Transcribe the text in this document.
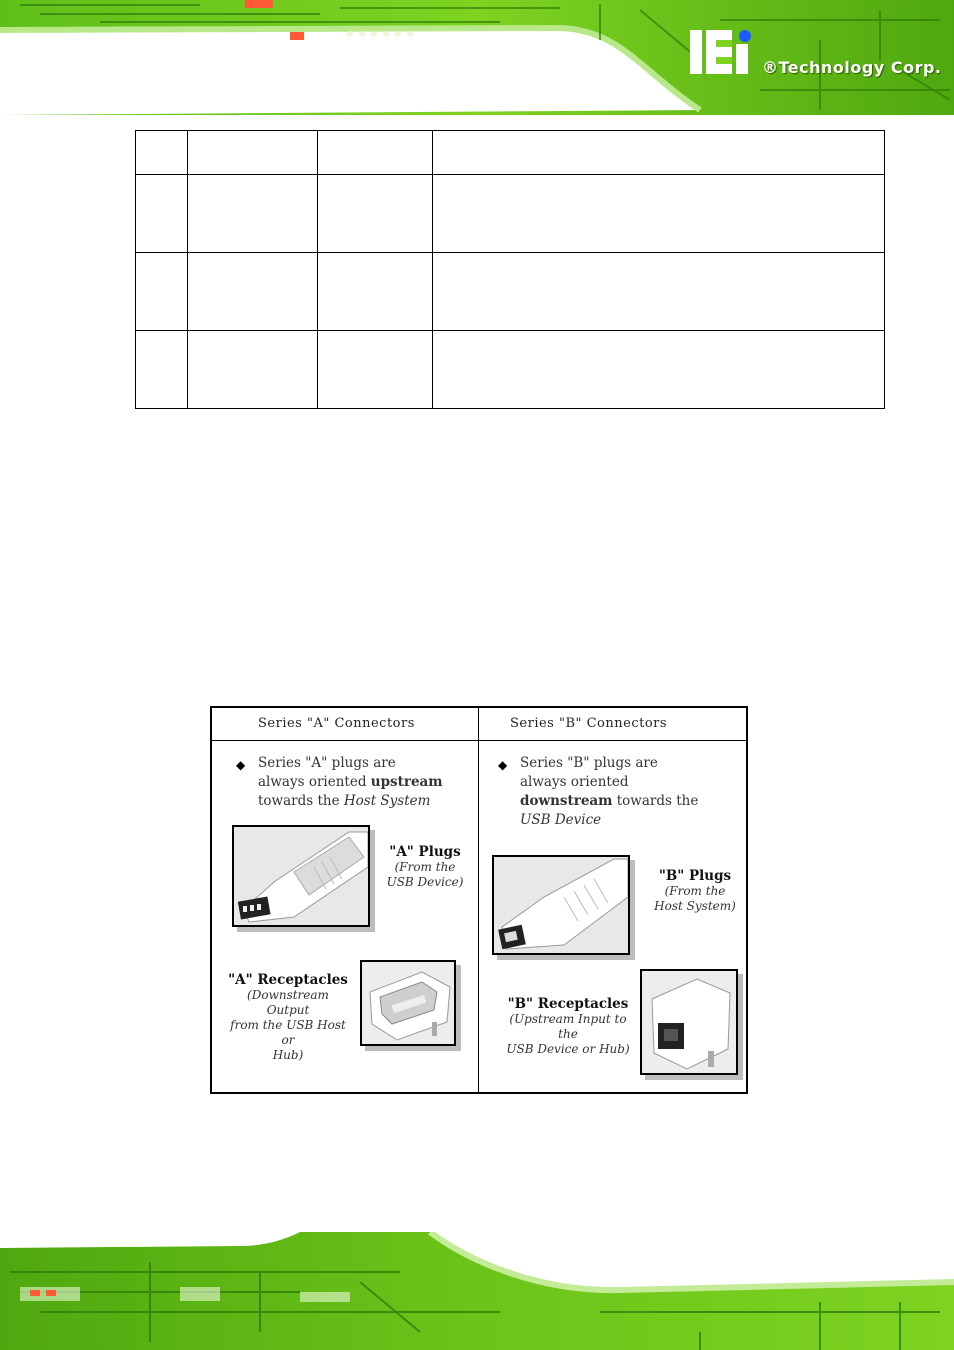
®Technology Corp.

Series "A" Connectors	Series "B" Connectors
◆ Series "A" plugs are
always oriented upstream
towards the Host System
"A" Plugs
(From the
USB Device)
"A" Receptacles
(Downstream Output
from the USB Host or
Hub)
◆ Series "B" plugs are
always oriented
downstream towards the
USB Device
"B" Plugs
(From the
Host System)
"B" Receptacles
(Upstream Input to the
USB Device or Hub)
